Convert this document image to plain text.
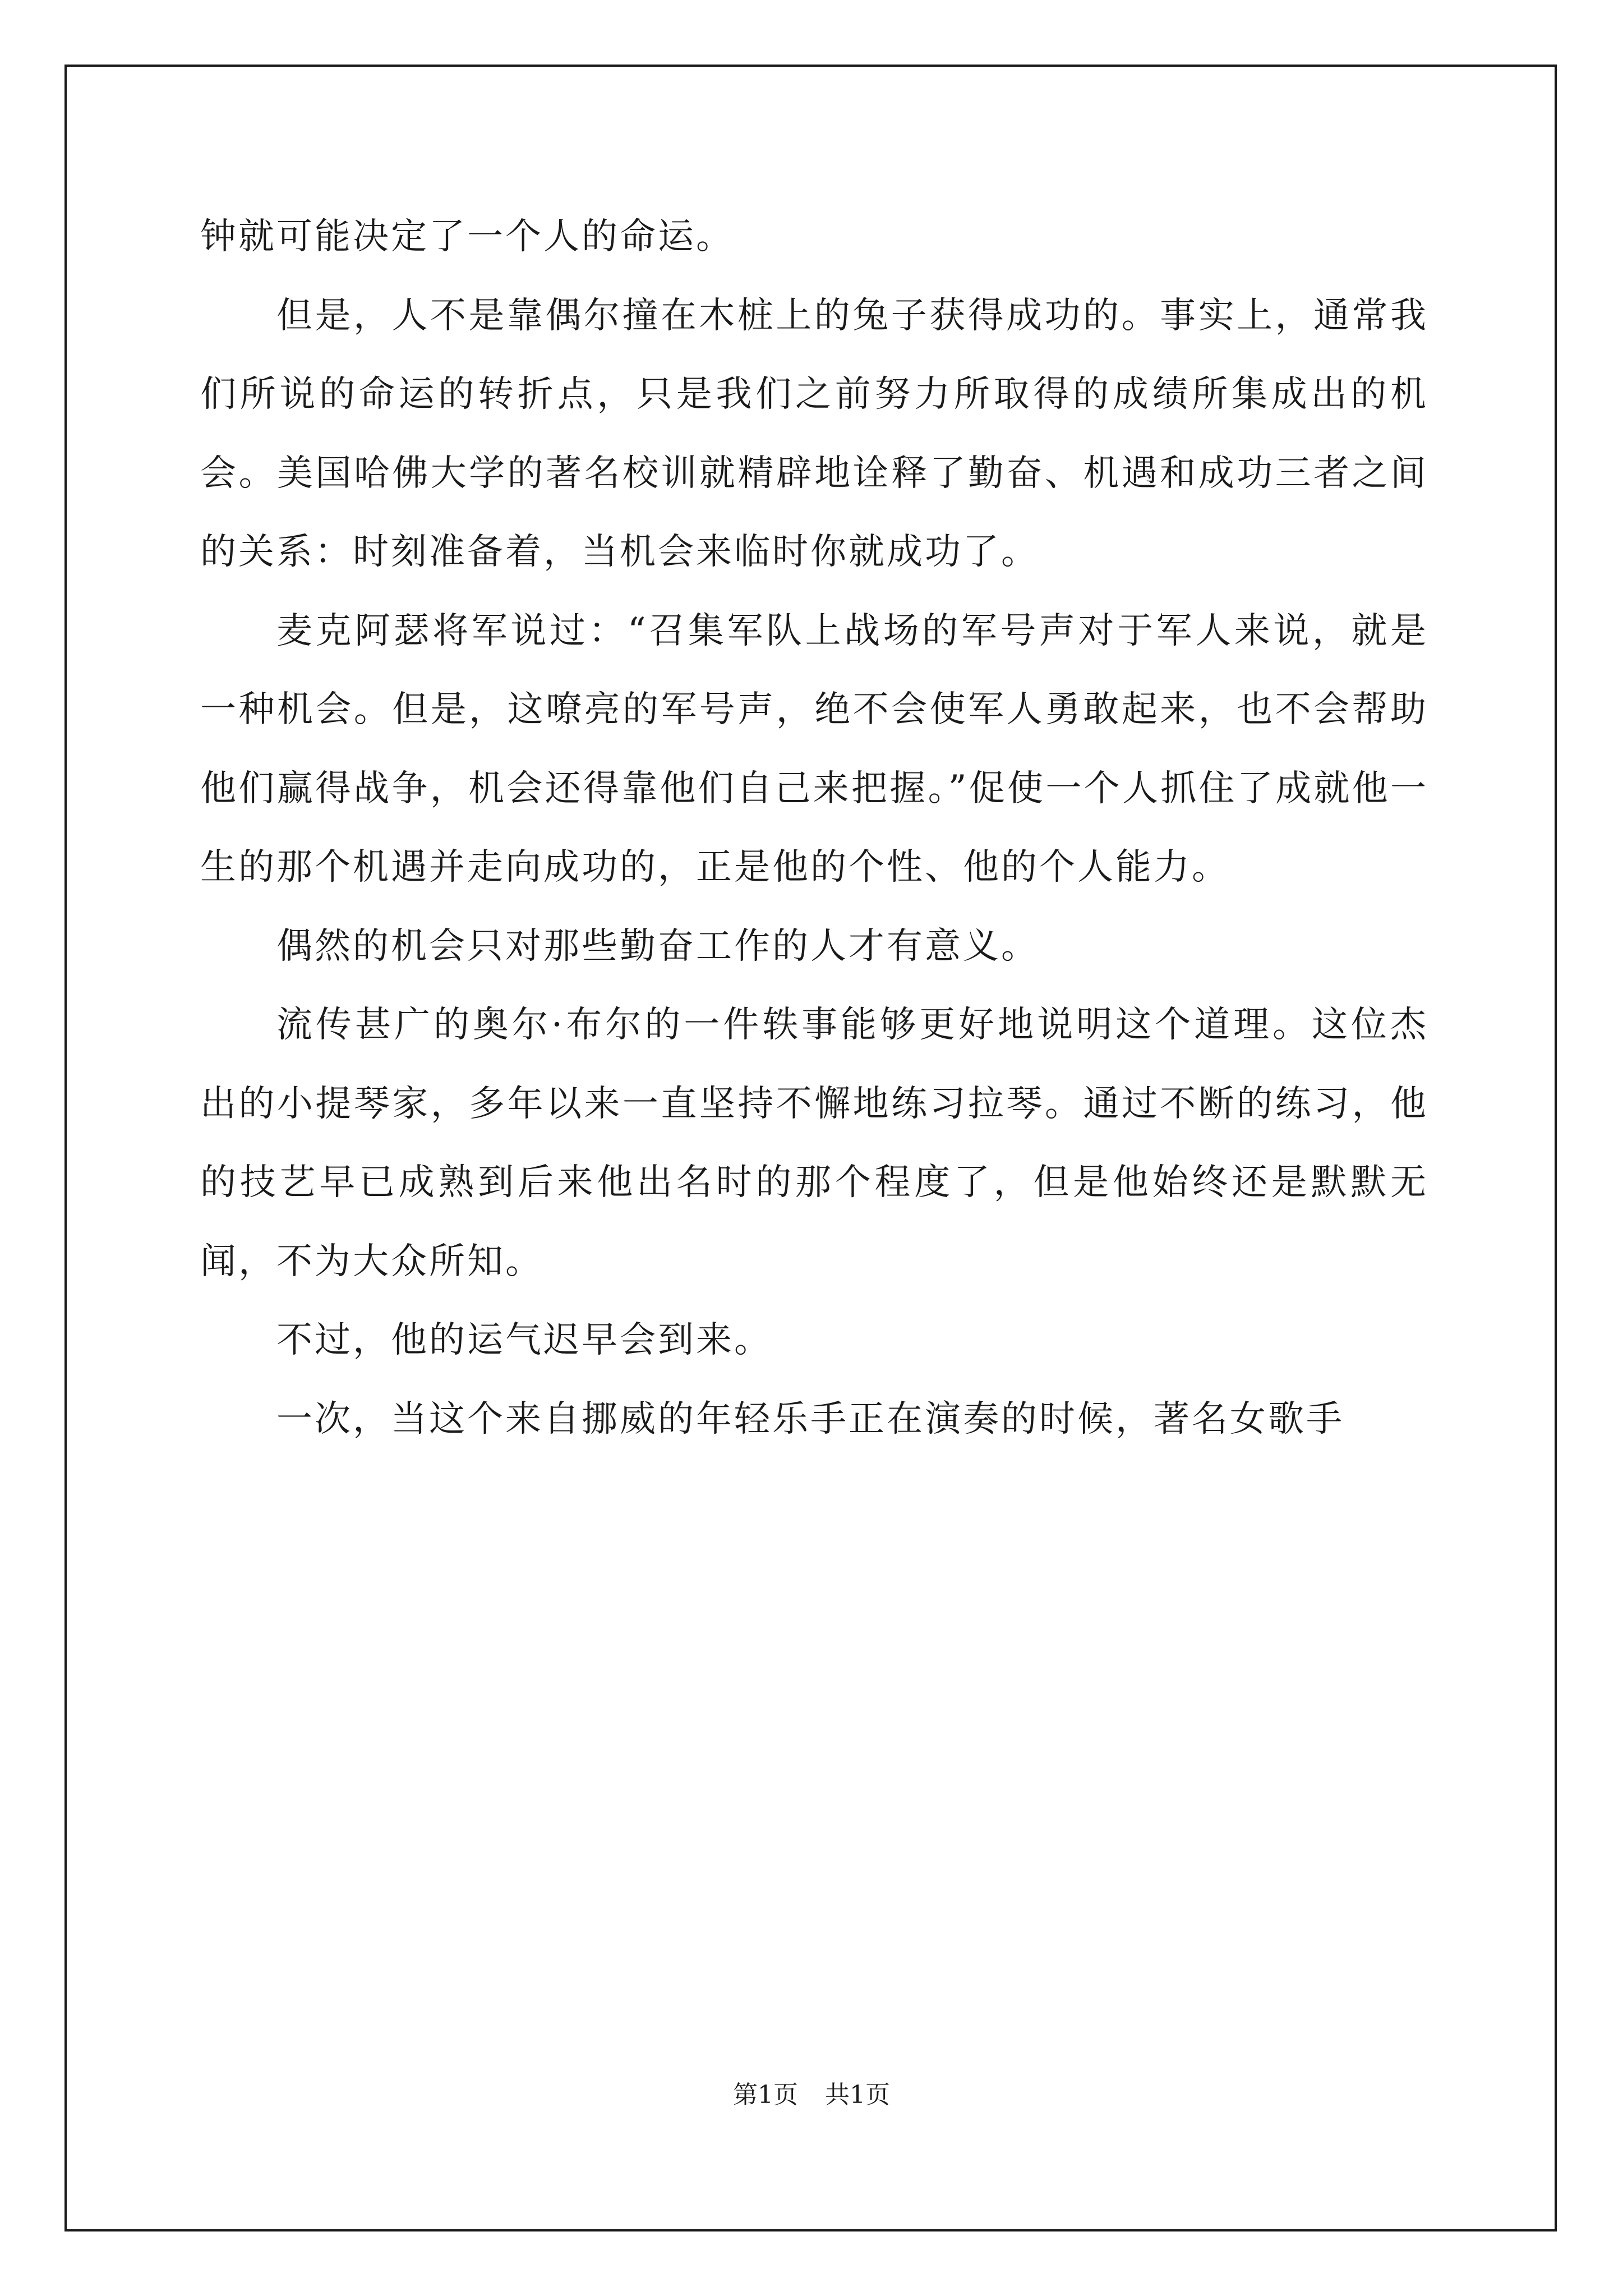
钟就可能决定了一个人的命运。

但是，人不是靠偶尔撞在木桩上的兔子获得成功的。事实上，通常我们所说的命运的转折点，只是我们之前努力所取得的成绩所集成出的机会。美国哈佛大学的著名校训就精辟地诠释了勤奋、机遇和成功三者之间的关系：时刻准备着，当机会来临时你就成功了。

麦克阿瑟将军说过：“召集军队上战场的军号声对于军人来说，就是一种机会。但是，这嘹亮的军号声，绝不会使军人勇敢起来，也不会帮助他们赢得战争，机会还得靠他们自己来把握。”促使一个人抓住了成就他一生的那个机遇并走向成功的，正是他的个性、他的个人能力。

偶然的机会只对那些勤奋工作的人才有意义。

流传甚广的奥尔·布尔的一件轶事能够更好地说明这个道理。这位杰出的小提琴家，多年以来一直坚持不懈地练习拉琴。通过不断的练习，他的技艺早已成熟到后来他出名时的那个程度了，但是他始终还是默默无闻，不为大众所知。

不过，他的运气迟早会到来。

一次，当这个来自挪威的年轻乐手正在演奏的时候，著名女歌手

第1页 共1页
